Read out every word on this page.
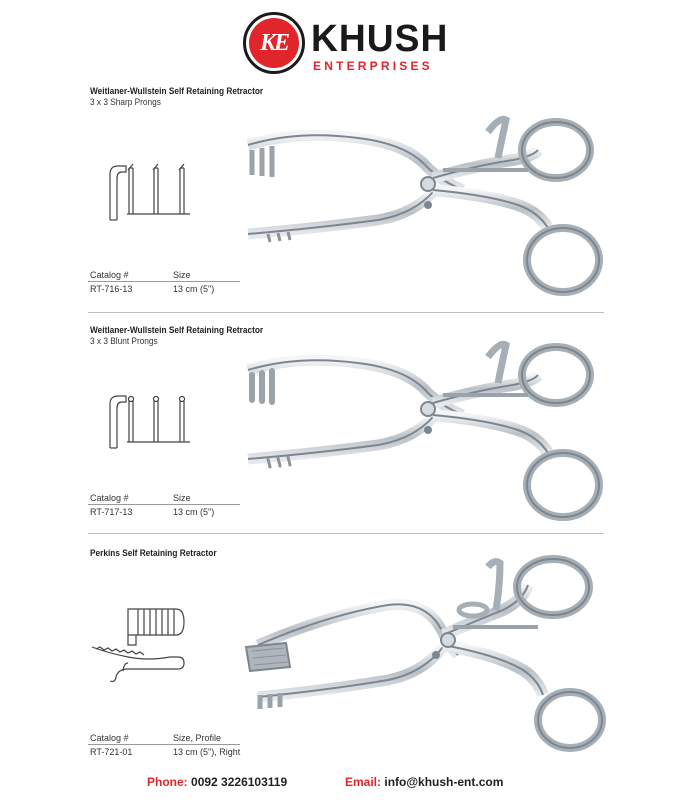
KE KHUSH
ENTERPRISES
Weitlaner-Wullstein Self Retaining Retractor
3 x 3 Sharp Prongs
Catalog #	Size
RT-716-13	13 cm (5")
Weitlaner-Wullstein Self Retaining Retractor
3 x 3 Blunt Prongs
Catalog #	Size
RT-717-13	13 cm (5")
Perkins Self Retaining Retractor
Catalog #	Size, Profile
RT-721-01	13 cm (5"), Right
Phone: 0092 3226103119	Email: info@khush-ent.com
